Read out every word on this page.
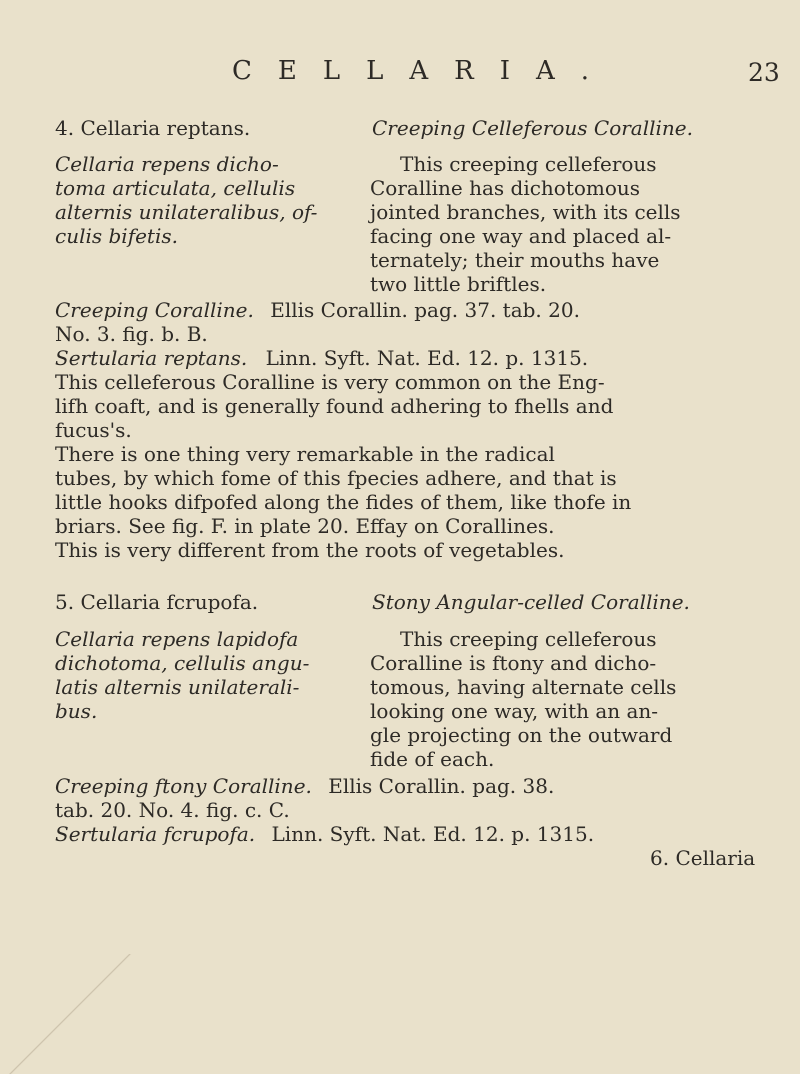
CELLARIA.	23
4. Cellaria reptans.	Creeping Celleferous Coralline.
Cellaria repens dicho-
toma articulata, cellulis
alternis unilateralibus, of-
culis bifetis.
This creeping celleferous
Coralline has dichotomous
jointed branches, with its cells
facing one way and placed al-
ternately; their mouths have
two little briftles.
Creeping Coralline. Ellis Corallin. pag. 37. tab. 20.
No. 3. fig. b. B.
Sertularia reptans. Linn. Syft. Nat. Ed. 12. p. 1315.
This celleferous Coralline is very common on the Eng-
lifh coaft, and is generally found adhering to fhells and
fucus's.
There is one thing very remarkable in the radical
tubes, by which fome of this fpecies adhere, and that is
little hooks difpofed along the fides of them, like thofe in
briars. See fig. F. in plate 20. Effay on Corallines.
This is very different from the roots of vegetables.
5. Cellaria fcrupofa.	Stony Angular-celled Coralline.
Cellaria repens lapidofa
dichotoma, cellulis angu-
latis alternis unilaterali-
bus.
This creeping celleferous
Coralline is ftony and dicho-
tomous, having alternate cells
looking one way, with an an-
gle projecting on the outward
fide of each.
Creeping ftony Coralline. Ellis Corallin. pag. 38.
tab. 20. No. 4. fig. c. C.
Sertularia fcrupofa. Linn. Syft. Nat. Ed. 12. p. 1315.
6. Cellaria
